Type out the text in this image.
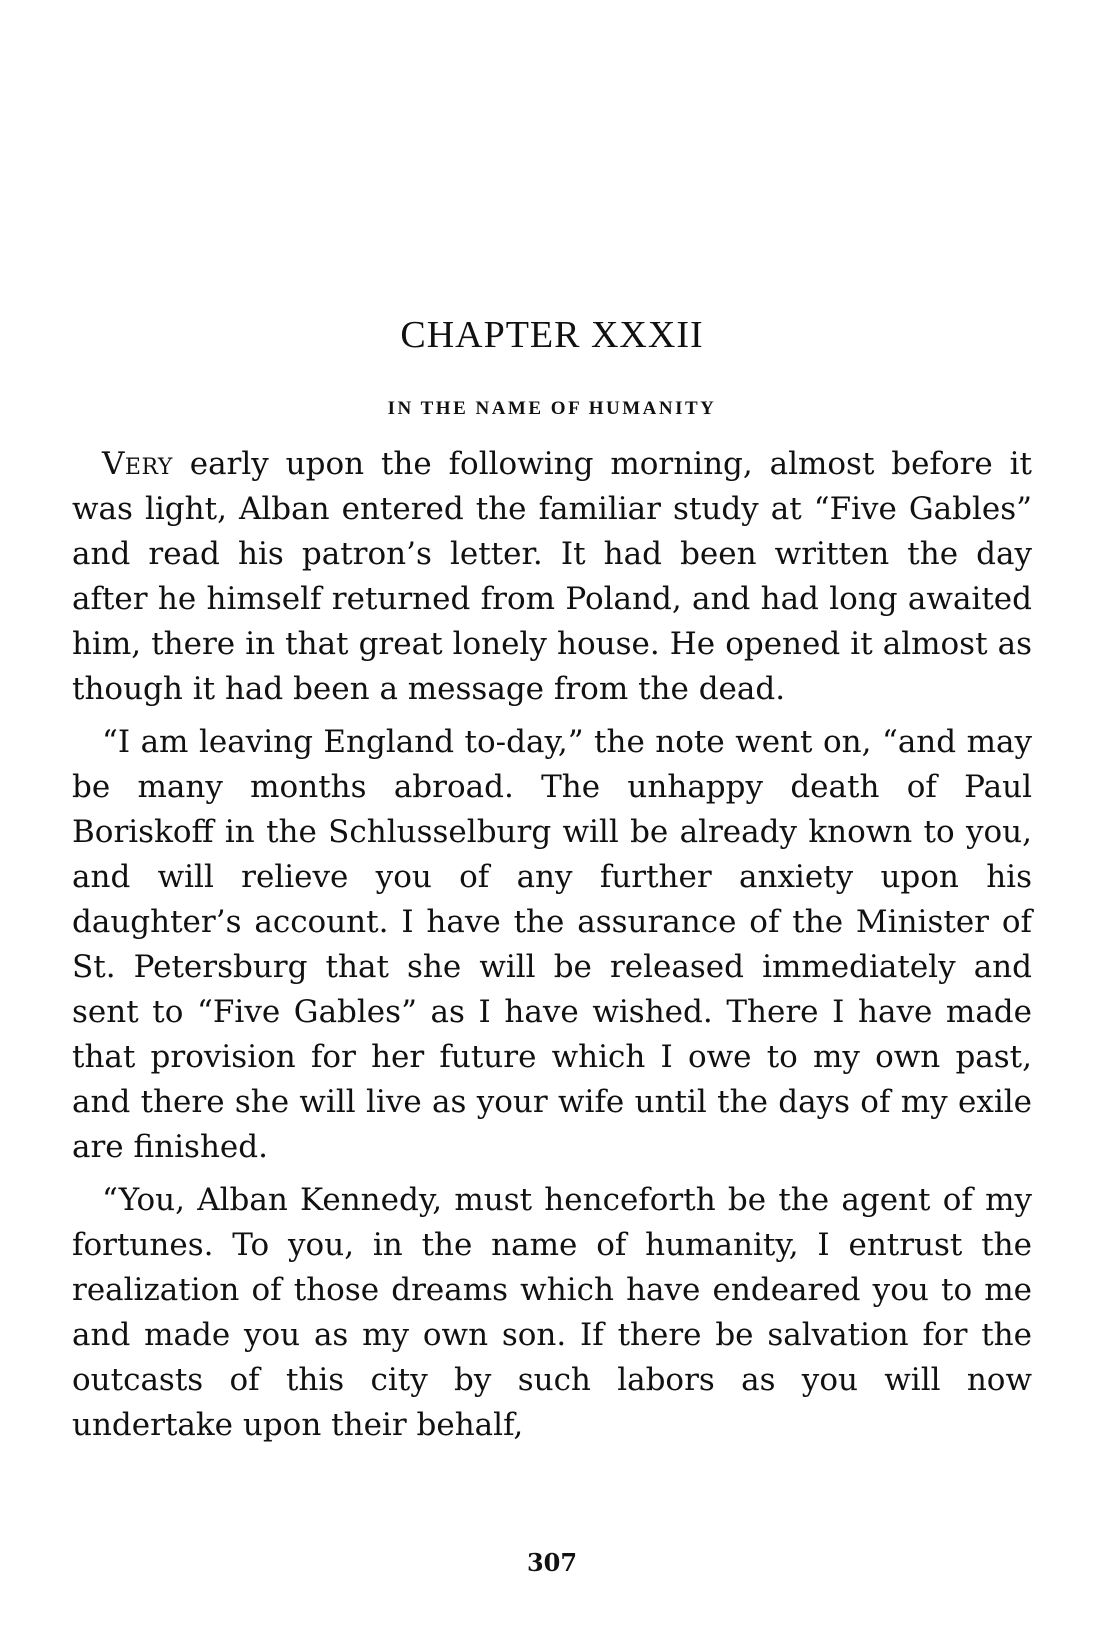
CHAPTER XXXII
IN THE NAME OF HUMANITY

Very early upon the following morning, almost before it was light, Alban entered the familiar study at “Five Gables” and read his patron’s letter. It had been written the day after he himself returned from Poland, and had long awaited him, there in that great lonely house. He opened it almost as though it had been a message from the dead.

“I am leaving England to-day,” the note went on, “and may be many months abroad. The unhappy death of Paul Boriskoff in the Schlusselburg will be already known to you, and will relieve you of any further anxiety upon his daughter’s account. I have the assurance of the Minister of St. Petersburg that she will be released immediately and sent to “Five Gables” as I have wished. There I have made that provision for her future which I owe to my own past, and there she will live as your wife until the days of my exile are finished.

“You, Alban Kennedy, must henceforth be the agent of my fortunes. To you, in the name of humanity, I entrust the realization of those dreams which have endeared you to me and made you as my own son. If there be salvation for the outcasts of this city by such labors as you will now undertake upon their behalf,

307
